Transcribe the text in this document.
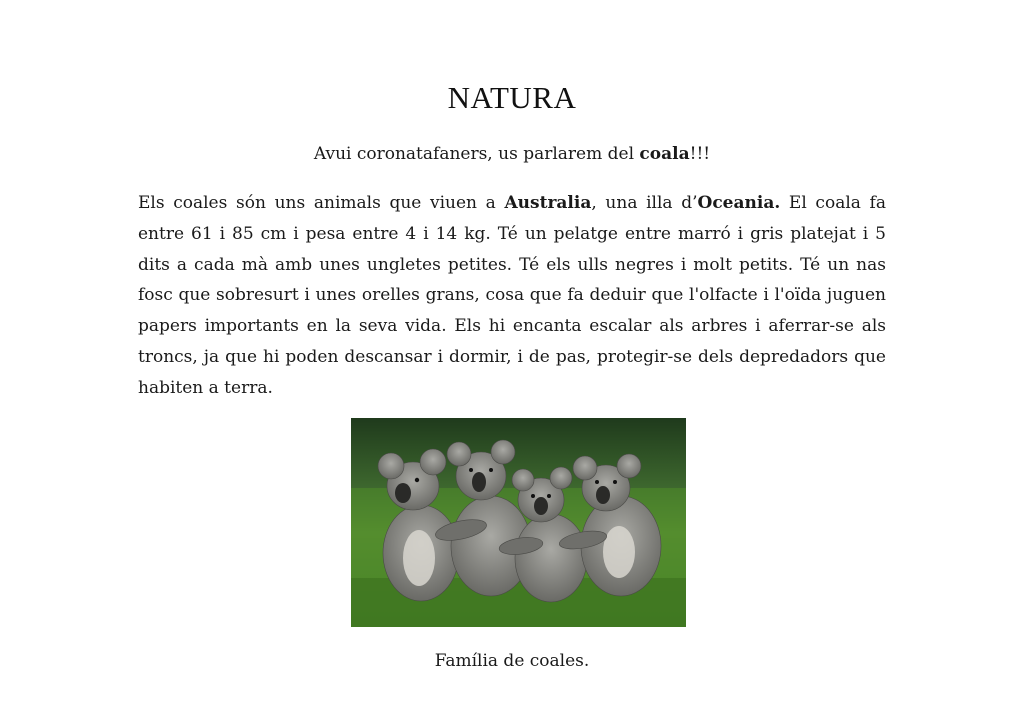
NATURA
Avui coronatafaners, us parlarem del coala!!!
Els coales són uns animals que viuen a Australia, una illa d’Oceania. El coala fa entre 61 i 85 cm i pesa entre 4 i 14 kg. Té un pelatge entre marró i gris platejat i 5 dits a cada mà amb unes ungletes petites. Té els ulls negres i molt petits. Té un nas fosc que sobresurt i unes orelles grans, cosa que fa deduir que l'olfacte i l'oïda juguen papers importants en la seva vida. Els hi encanta escalar als arbres i aferrar-se als troncs, ja que hi poden descansar i dormir, i de pas, protegir-se dels depredadors que habiten a terra.
Família de coales.
